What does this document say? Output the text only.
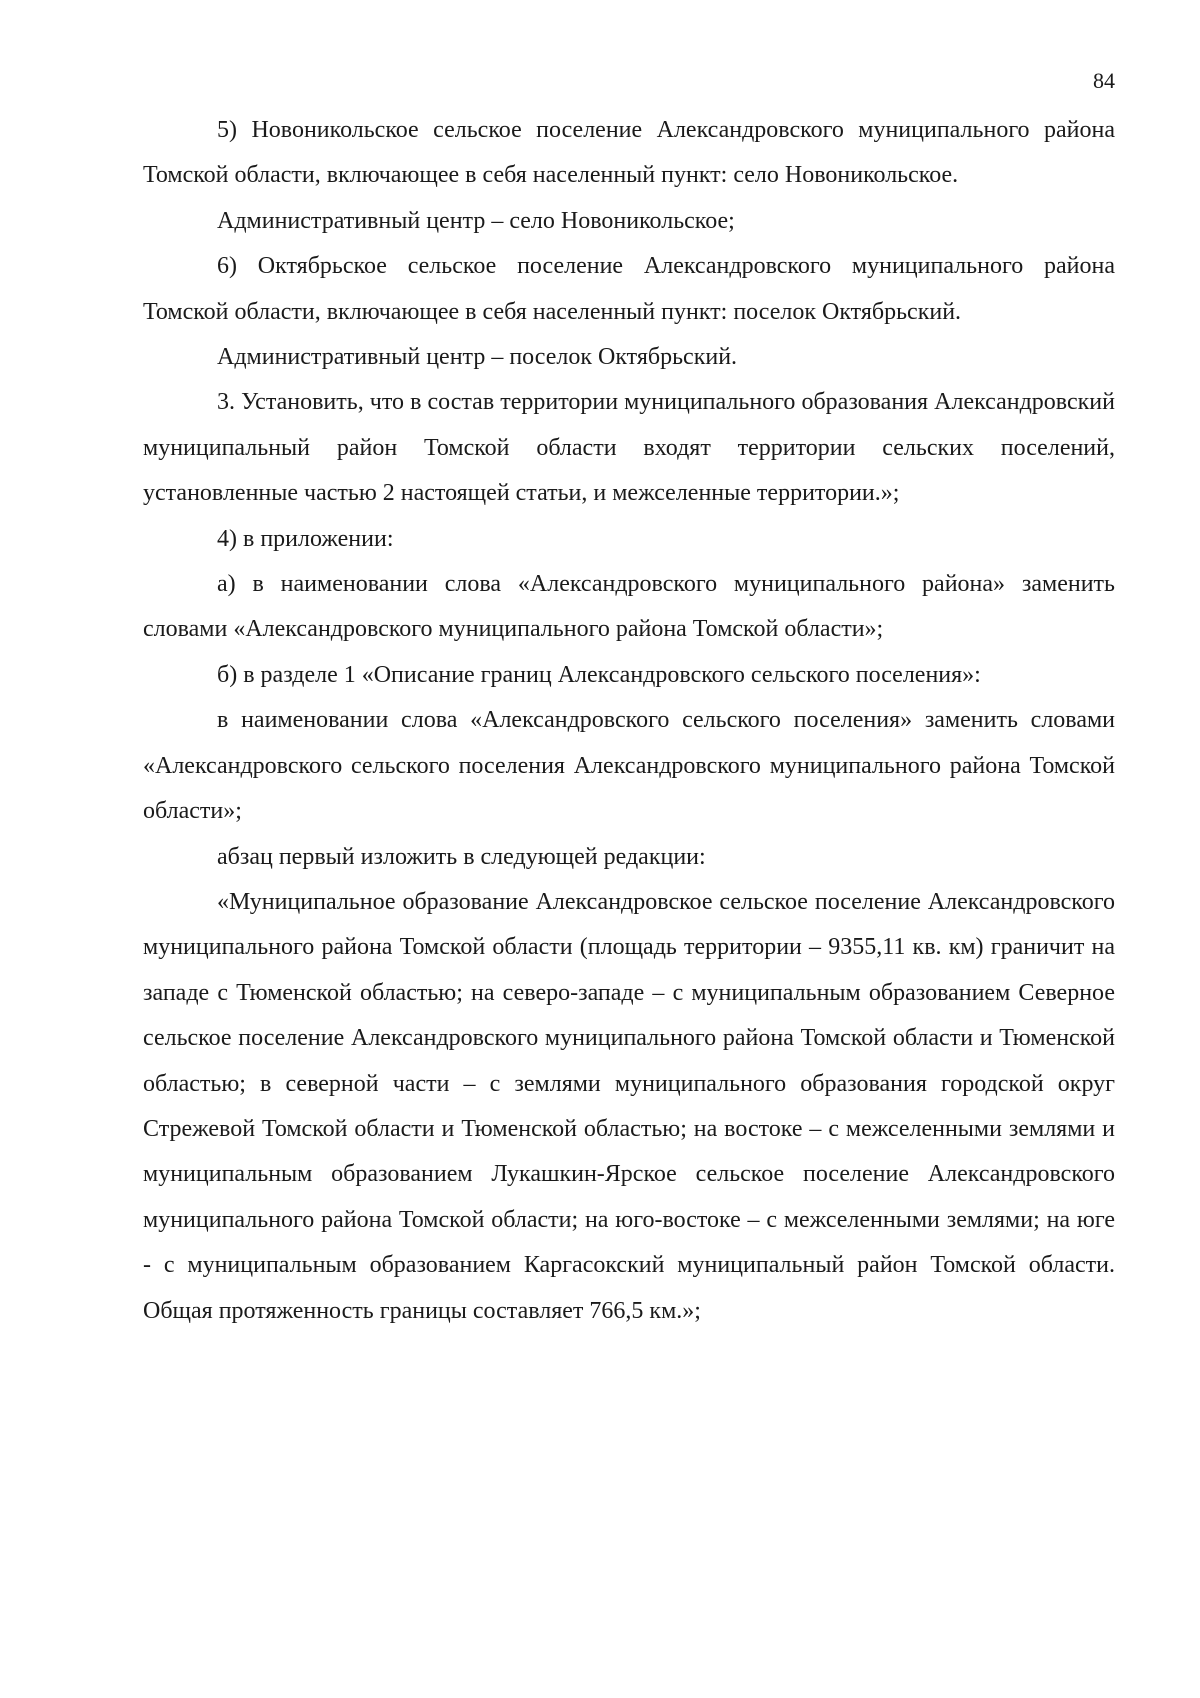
84

5) Новоникольское сельское поселение Александровского муниципального района Томской области, включающее в себя населенный пункт: село Новоникольское.

Административный центр – село Новоникольское;

6) Октябрьское сельское поселение Александровского муниципального района Томской области, включающее в себя населенный пункт: поселок Октябрьский.

Административный центр – поселок Октябрьский.

3. Установить, что в состав территории муниципального образования Александровский муниципальный район Томской области входят территории сельских поселений, установленные частью 2 настоящей статьи, и межселенные территории.»;

4) в приложении:

а) в наименовании слова «Александровского муниципального района» заменить словами «Александровского муниципального района Томской области»;

б) в разделе 1 «Описание границ Александровского сельского поселения»:

в наименовании слова «Александровского сельского поселения» заменить словами «Александровского сельского поселения Александровского муниципального района Томской области»;

абзац первый изложить в следующей редакции:

«Муниципальное образование Александровское сельское поселение Александровского муниципального района Томской области (площадь территории – 9355,11 кв. км) граничит на западе с Тюменской областью; на северо-западе – с муниципальным образованием Северное сельское поселение Александровского муниципального района Томской области и Тюменской областью; в северной части – с землями муниципального образования городской округ Стрежевой Томской области и Тюменской областью; на востоке – с межселенными землями и муниципальным образованием Лукашкин-Ярское сельское поселение Александровского муниципального района Томской области; на юго-востоке – с межселенными землями; на юге - с муниципальным образованием Каргасокский муниципальный район Томской области. Общая протяженность границы составляет 766,5 км.»;
